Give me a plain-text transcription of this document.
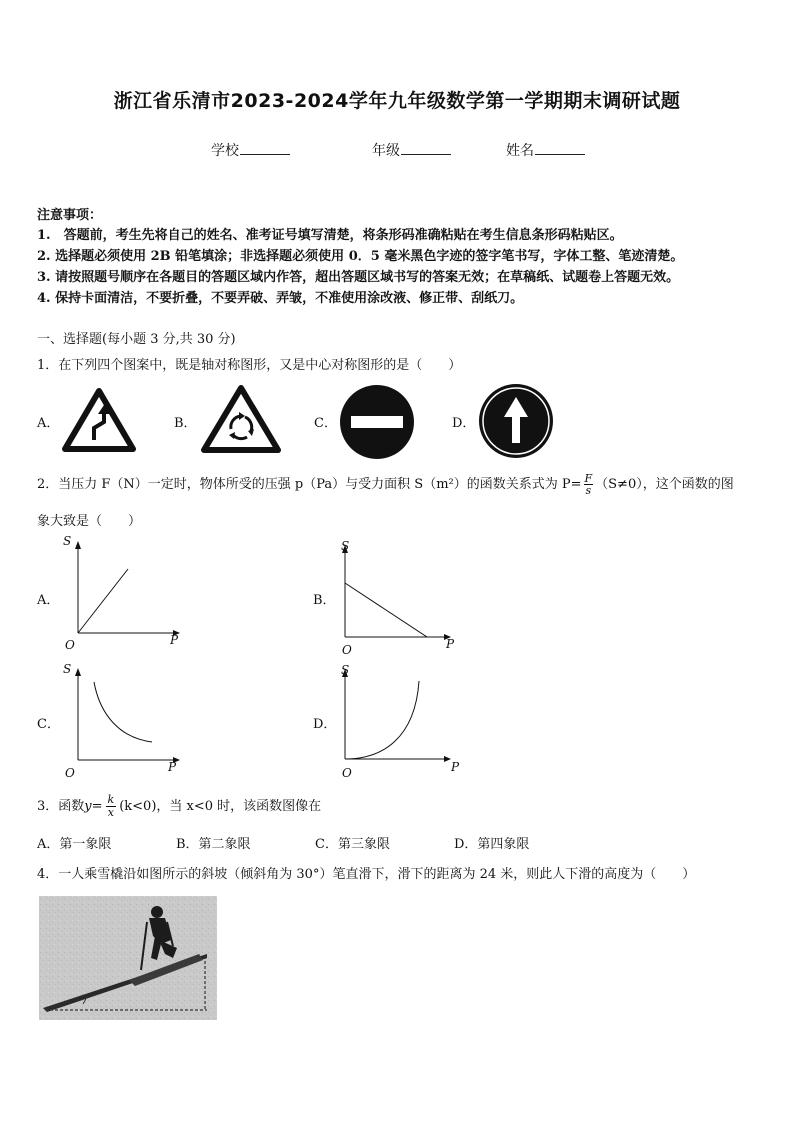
浙江省乐清市2023-2024学年九年级数学第一学期期末调研试题
学校	年级	姓名
注意事项：
1.　答题前，考生先将自己的姓名、准考证号填写清楚，将条形码准确粘贴在考生信息条形码粘贴区。
2. 选择题必须使用 2B 铅笔填涂；非选择题必须使用 0．5 毫米黑色字迹的签字笔书写，字体工整、笔迹清楚。
3. 请按照题号顺序在各题目的答题区域内作答，超出答题区域书写的答案无效；在草稿纸、试题卷上答题无效。
4. 保持卡面清洁，不要折叠，不要弄破、弄皱，不准使用涂改液、修正带、刮纸刀。
一、选择题(每小题 3 分,共 30 分)
1．在下列四个图案中，既是轴对称图形，又是中心对称图形的是（　　）
A．	B．	C．	D．
2．当压力 F（N）一定时，物体所受的压强 p（Pa）与受力面积 S（m²）的函数关系式为 $P= \frac{F}{s} (S\ne 0)$，这个函数的图
象大致是（　　）
A．
S
P
O
B．
S
P
O
C．
S
P
O
D．
S
P
O
3．函数$y= \frac{k}{x} (k<0)$，当 x<0 时，该函数图像在
A．第一象限	B．第二象限	C．第三象限	D．第四象限
4．一人乘雪橇沿如图所示的斜坡（倾斜角为 30°）笔直滑下，滑下的距离为 24 米，则此人下滑的高度为（　　）
